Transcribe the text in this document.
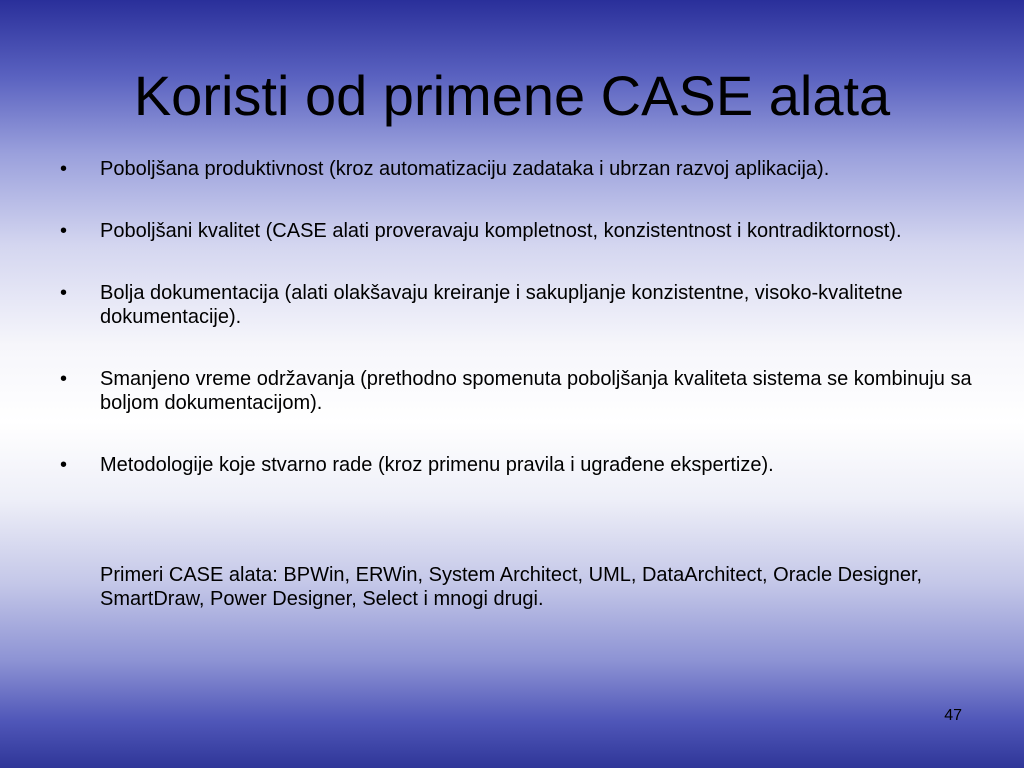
Koristi od primene CASE alata
• Poboljšana produktivnost (kroz automatizaciju zadataka i ubrzan razvoj aplikacija).
• Poboljšani kvalitet (CASE alati proveravaju kompletnost, konzistentnost i kontradiktornost).
• Bolja dokumentacija (alati olakšavaju kreiranje i sakupljanje konzistentne, visoko-kvalitetne dokumentacije).
• Smanjeno vreme održavanja (prethodno spomenuta poboljšanja kvaliteta sistema se kombinuju sa boljom dokumentacijom).
• Metodologije koje stvarno rade (kroz primenu pravila i ugrađene ekspertize).
Primeri CASE alata: BPWin, ERWin, System Architect, UML, DataArchitect, Oracle Designer, SmartDraw, Power Designer, Select i mnogi drugi.
47
